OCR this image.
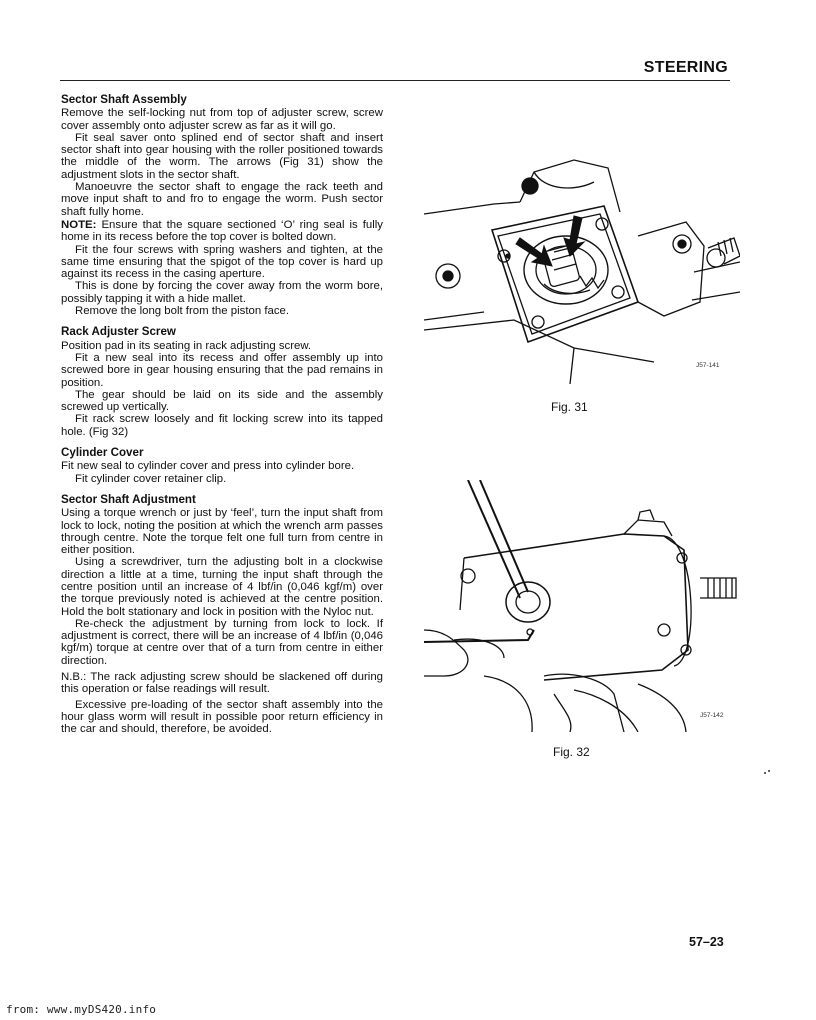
STEERING
Sector Shaft Assembly

Remove the self-locking nut from top of adjuster screw, screw cover assembly onto adjuster screw as far as it will go.

Fit seal saver onto splined end of sector shaft and insert sector shaft into gear housing with the roller positioned towards the middle of the worm. The arrows (Fig 31) show the adjustment slots in the sector shaft.

Manoeuvre the sector shaft to engage the rack teeth and move input shaft to and fro to engage the worm. Push sector shaft fully home.

NOTE: Ensure that the square sectioned ‘O’ ring seal is fully home in its recess before the top cover is bolted down.

Fit the four screws with spring washers and tighten, at the same time ensuring that the spigot of the top cover is hard up against its recess in the casing aperture.

This is done by forcing the cover away from the worm bore, possibly tapping it with a hide mallet.

Remove the long bolt from the piston face.

Rack Adjuster Screw

Position pad in its seating in rack adjusting screw.

Fit a new seal into its recess and offer assembly up into screwed bore in gear housing ensuring that the pad remains in position.

The gear should be laid on its side and the assembly screwed up vertically.

Fit rack screw loosely and fit locking screw into its tapped hole. (Fig 32)

Cylinder Cover

Fit new seal to cylinder cover and press into cylinder bore.

Fit cylinder cover retainer clip.

Sector Shaft Adjustment

Using a torque wrench or just by ‘feel’, turn the input shaft from lock to lock, noting the position at which the wrench arm passes through centre. Note the torque felt one full turn from centre in either position.

Using a screwdriver, turn the adjusting bolt in a clockwise direction a little at a time, turning the input shaft through the centre position until an increase of 4 lbf/in (0,046 kgf/m) over the torque previously noted is achieved at the centre position. Hold the bolt stationary and lock in position with the Nyloc nut.

Re-check the adjustment by turning from lock to lock. If adjustment is correct, there will be an increase of 4 lbf/in (0,046 kgf/m) torque at centre over that of a turn from centre in either direction.

N.B.: The rack adjusting screw should be slackened off during this operation or false readings will result.

Excessive pre-loading of the sector shaft assembly into the hour glass worm will result in possible poor return efficiency in the car and should, therefore, be avoided.

J57-141
Fig. 31
J57-142
Fig. 32
57–23
from: www.myDS420.info
